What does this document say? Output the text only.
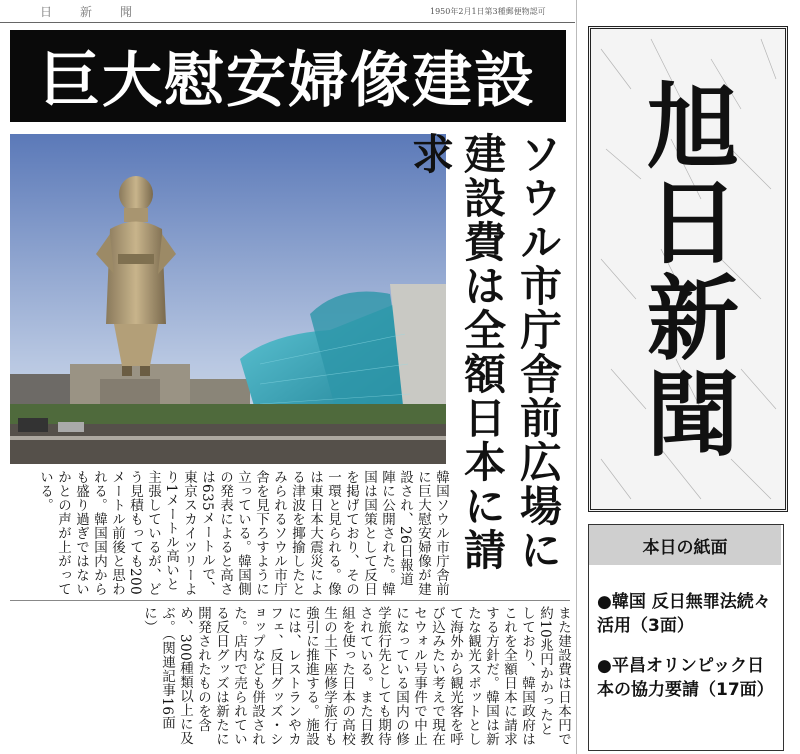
日新聞	1950年2月1日第3種郵便物認可
巨大慰安婦像建設
ソウル市庁舎前広場に
建設費は全額日本に請求
韓国ソウル市庁舎前に巨大慰安婦像が建設され、26日報道陣に公開された。韓国は国策として反日を掲げており、その一環と見られる。像は東日本大震災による津波を揶揄したとみられるソウル市庁舎を見下ろすように立っている。韓国側の発表によると高さは635メートルで、東京スカイツリーより1メートル高いと主張しているが、どう見積もっても200メートル前後と思われる。韓国国内からも盛り過ぎではないかとの声が上がっている。
また建設費は日本円で約10兆円かかったとしており、韓国政府はこれを全額日本に請求する方針だ。韓国は新たな観光スポットとして海外から観光客を呼び込みたい考えで現在セウォル号事件で中止になっている国内の修学旅行先としても期待されている。また日教組を使った日本の高校生の土下座修学旅行も強引に推進する。施設には、レストランやカフェ、反日グッズ・ショップなども併設された。店内で売られている反日グッズは新たに開発されたものを含め、300種類以上に及ぶ。（関連記事16面に）
旭日新聞
本日の紙面
●韓国 反日無罪法続々活用（3面）
●平昌オリンピック日本の協力要請（17面）
